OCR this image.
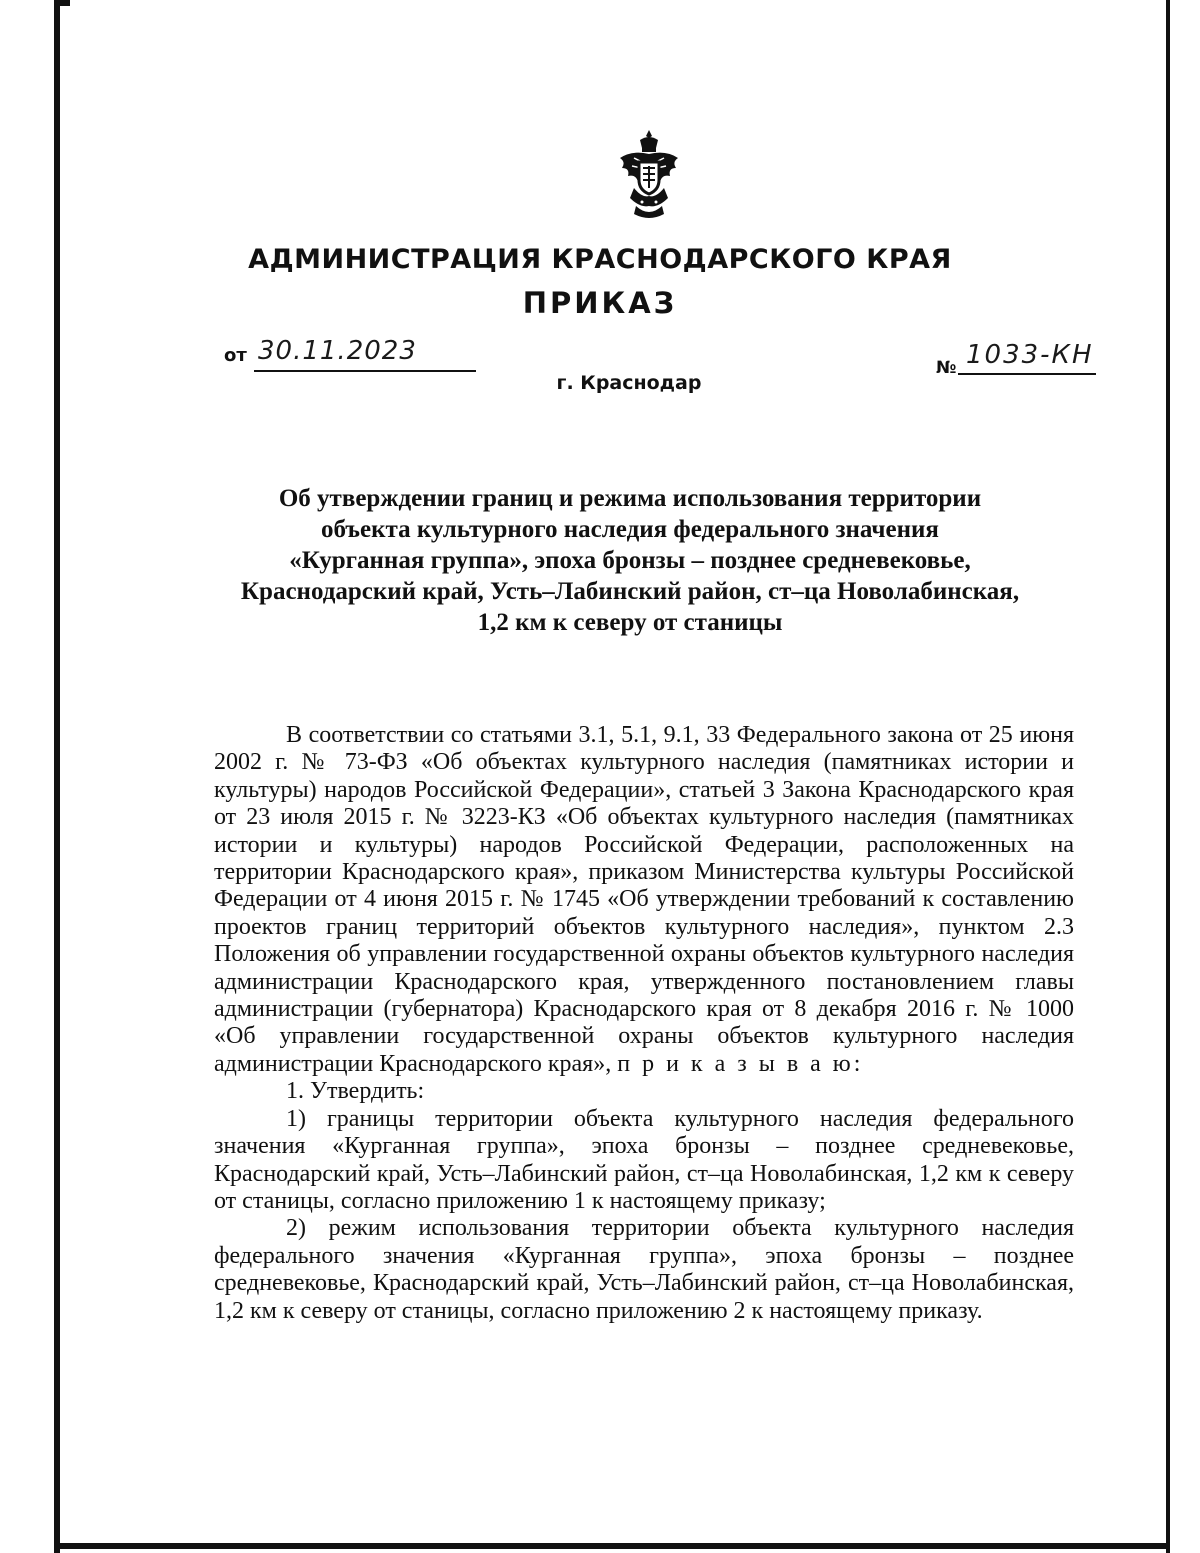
АДМИНИСТРАЦИЯ КРАСНОДАРСКОГО КРАЯ
ПРИКАЗ
от 30.11.2023
г. Краснодар
№ 1033-КН
Об утверждении границ и режима использования территории
объекта культурного наследия федерального значения
«Курганная группа», эпоха бронзы – позднее средневековье,
Краснодарский край, Усть–Лабинский район, ст–ца Новолабинская,
1,2 км к северу от станицы

В соответствии со статьями 3.1, 5.1, 9.1, 33 Федерального закона от 25 июня 2002 г. № 73-ФЗ «Об объектах культурного наследия (памятниках истории и культуры) народов Российской Федерации», статьей 3 Закона Краснодарского края от 23 июля 2015 г. № 3223-КЗ «Об объектах культурного наследия (памятниках истории и культуры) народов Российской Федерации, расположенных на территории Краснодарского края», приказом Министерства культуры Российской Федерации от 4 июня 2015 г. № 1745 «Об утверждении требований к составлению проектов границ территорий объектов культурного наследия», пунктом 2.3 Положения об управлении государственной охраны объектов культурного наследия администрации Краснодарского края, утвержденного постановлением главы администрации (губернатора) Краснодарского края от 8 декабря 2016 г. № 1000 «Об управлении государственной охраны объектов культурного наследия администрации Краснодарского края», п р и к а з ы в а ю:

1. Утвердить:

1) границы территории объекта культурного наследия федерального значения «Курганная группа», эпоха бронзы – позднее средневековье, Краснодарский край, Усть–Лабинский район, ст–ца Новолабинская, 1,2 км к северу от станицы, согласно приложению 1 к настоящему приказу;

2) режим использования территории объекта культурного наследия федерального значения «Курганная группа», эпоха бронзы – позднее средневековье, Краснодарский край, Усть–Лабинский район, ст–ца Новолабинская, 1,2 км к северу от станицы, согласно приложению 2 к настоящему приказу.
